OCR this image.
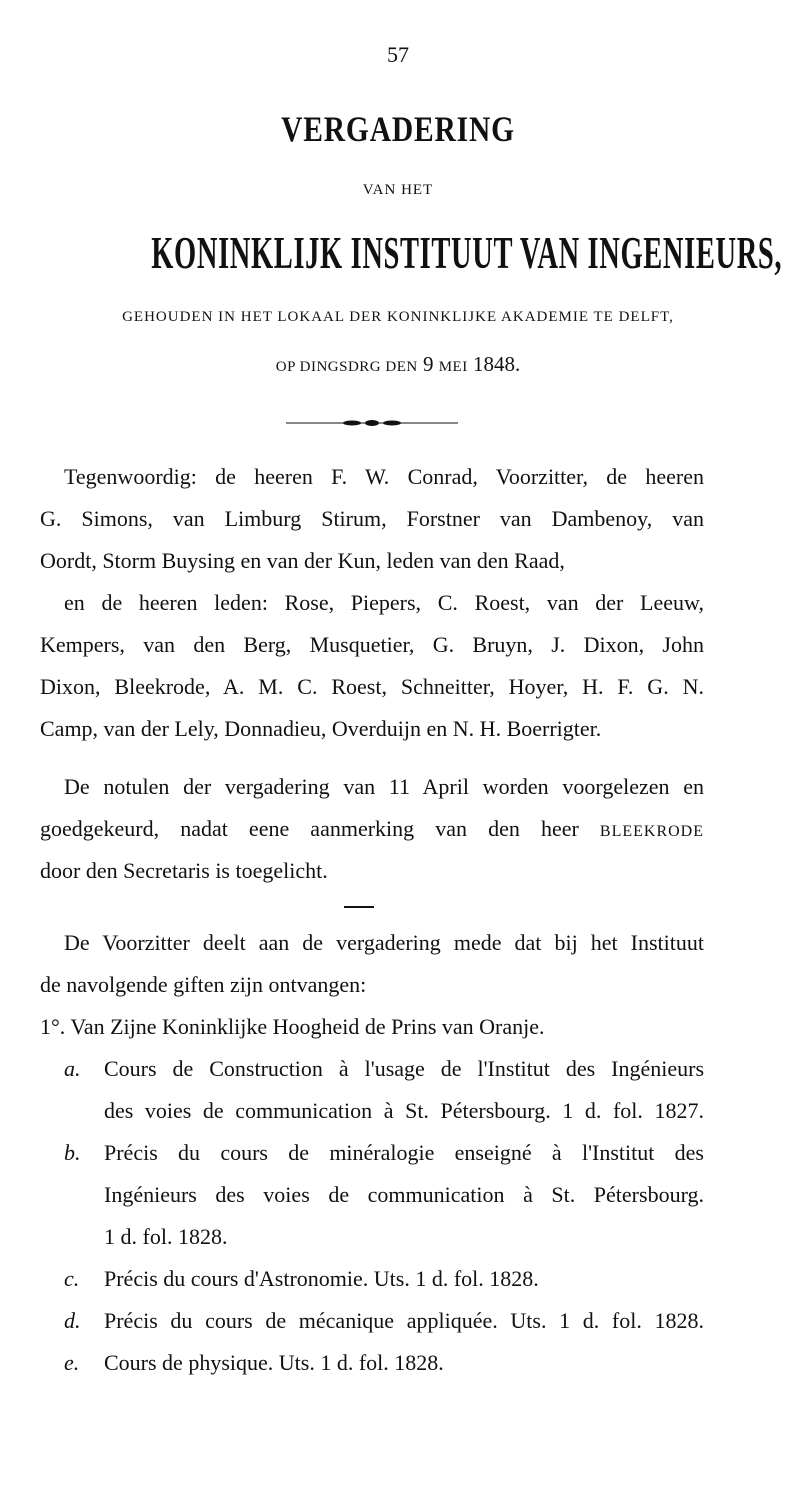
57
VERGADERING
VAN HET
KONINKLIJK INSTITUUT VAN INGENIEURS,
GEHOUDEN IN HET LOKAAL DER KONINKLIJKE AKADEMIE TE DELFT,
OP DINGSDRG DEN 9 MEI 1848.
Tegenwoordig: de heeren F. W. Conrad, Voorzitter, de heeren
G. Simons, van Limburg Stirum, Forstner van Dambenoy, van
Oordt, Storm Buysing en van der Kun, leden van den Raad,
en de heeren leden: Rose, Piepers, C. Roest, van der Leeuw,
Kempers, van den Berg, Musquetier, G. Bruyn, J. Dixon, John
Dixon, Bleekrode, A. M. C. Roest, Schneitter, Hoyer, H. F. G. N.
Camp, van der Lely, Donnadieu, Overduijn en N. H. Boerrigter.
De notulen der vergadering van 11 April worden voorgelezen en
goedgekeurd, nadat eene aanmerking van den heer BLEEKRODE
door den Secretaris is toegelicht.
De Voorzitter deelt aan de vergadering mede dat bij het Instituut
de navolgende giften zijn ontvangen:
1°. Van Zijne Koninklijke Hoogheid de Prins van Oranje.
a. Cours de Construction à l'usage de l'Institut des Ingénieurs
des voies de communication à St. Pétersbourg. 1 d. fol. 1827.
b. Précis du cours de minéralogie enseigné à l'Institut des
Ingénieurs des voies de communication à St. Pétersbourg.
1 d. fol. 1828.
c. Précis du cours d'Astronomie. Uts. 1 d. fol. 1828.
d. Précis du cours de mécanique appliquée. Uts. 1 d. fol. 1828.
e. Cours de physique. Uts. 1 d. fol. 1828.
